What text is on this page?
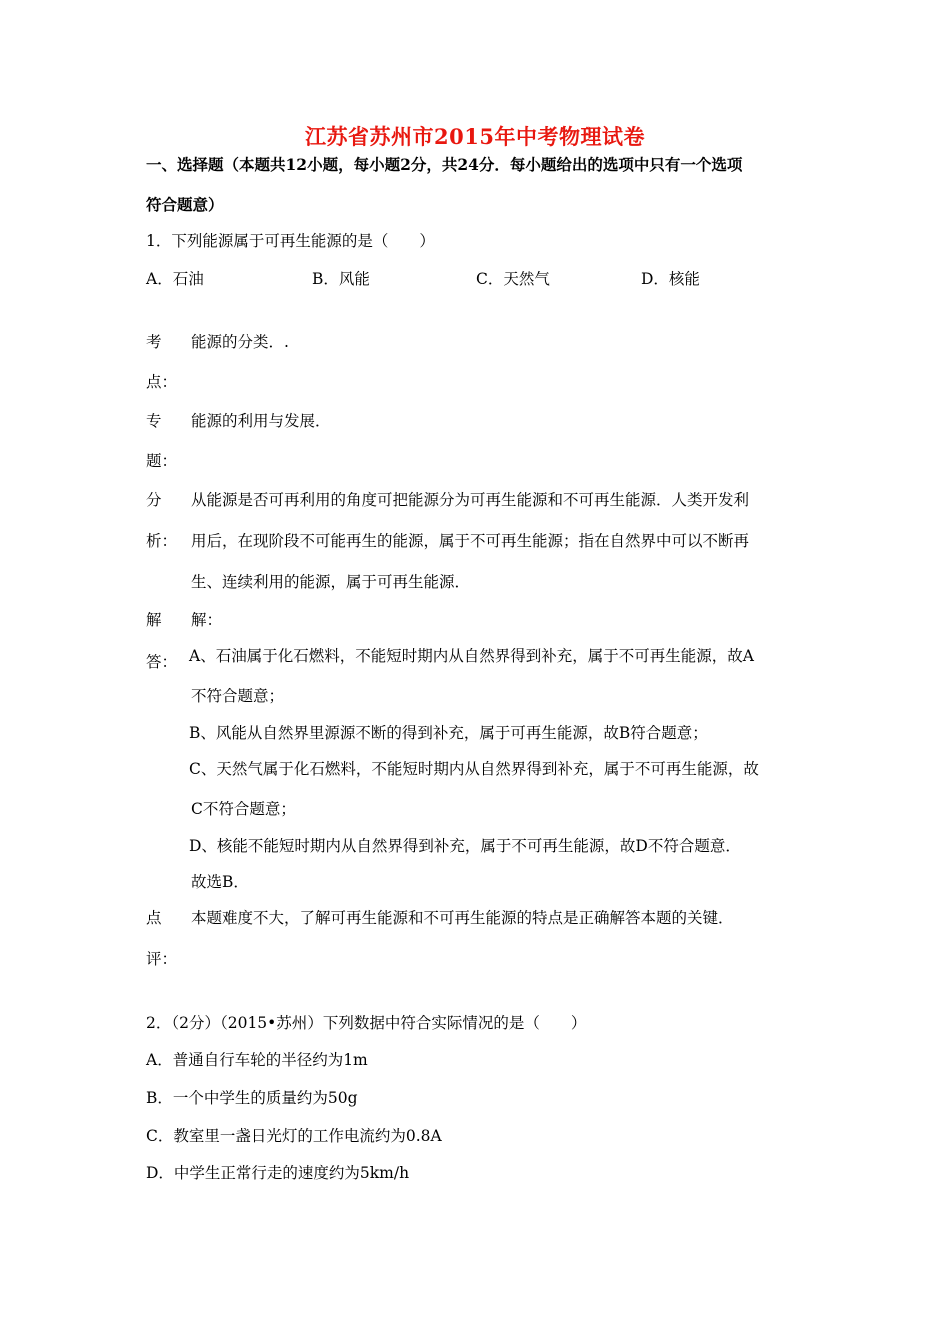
江苏省苏州市2015年中考物理试卷
一、选择题（本题共12小题，每小题2分，共24分．每小题给出的选项中只有一个选项
符合题意）
1．下列能源属于可再生能源的是（　　）
A．石油	B．风能	C．天然气	D．核能
考 能源的分类．.
点：
专 能源的利用与发展．
题：
分 从能源是否可再利用的角度可把能源分为可再生能源和不可再生能源．人类开发利
析： 用后，在现阶段不可能再生的能源，属于不可再生能源；指在自然界中可以不断再
生、连续利用的能源，属于可再生能源．
解 解：
答： A、石油属于化石燃料，不能短时期内从自然界得到补充，属于不可再生能源，故A
不符合题意；
B、风能从自然界里源源不断的得到补充，属于可再生能源，故B符合题意；
C、天然气属于化石燃料，不能短时期内从自然界得到补充，属于不可再生能源，故
C不符合题意；
D、核能不能短时期内从自然界得到补充，属于不可再生能源，故D不符合题意．
故选B．
点 本题难度不大，了解可再生能源和不可再生能源的特点是正确解答本题的关键．
评：
2．（2分）（2015•苏州）下列数据中符合实际情况的是（　　）
A．普通自行车轮的半径约为1m
B．一个中学生的质量约为50g
C．教室里一盏日光灯的工作电流约为0.8A
D．中学生正常行走的速度约为5km/h
